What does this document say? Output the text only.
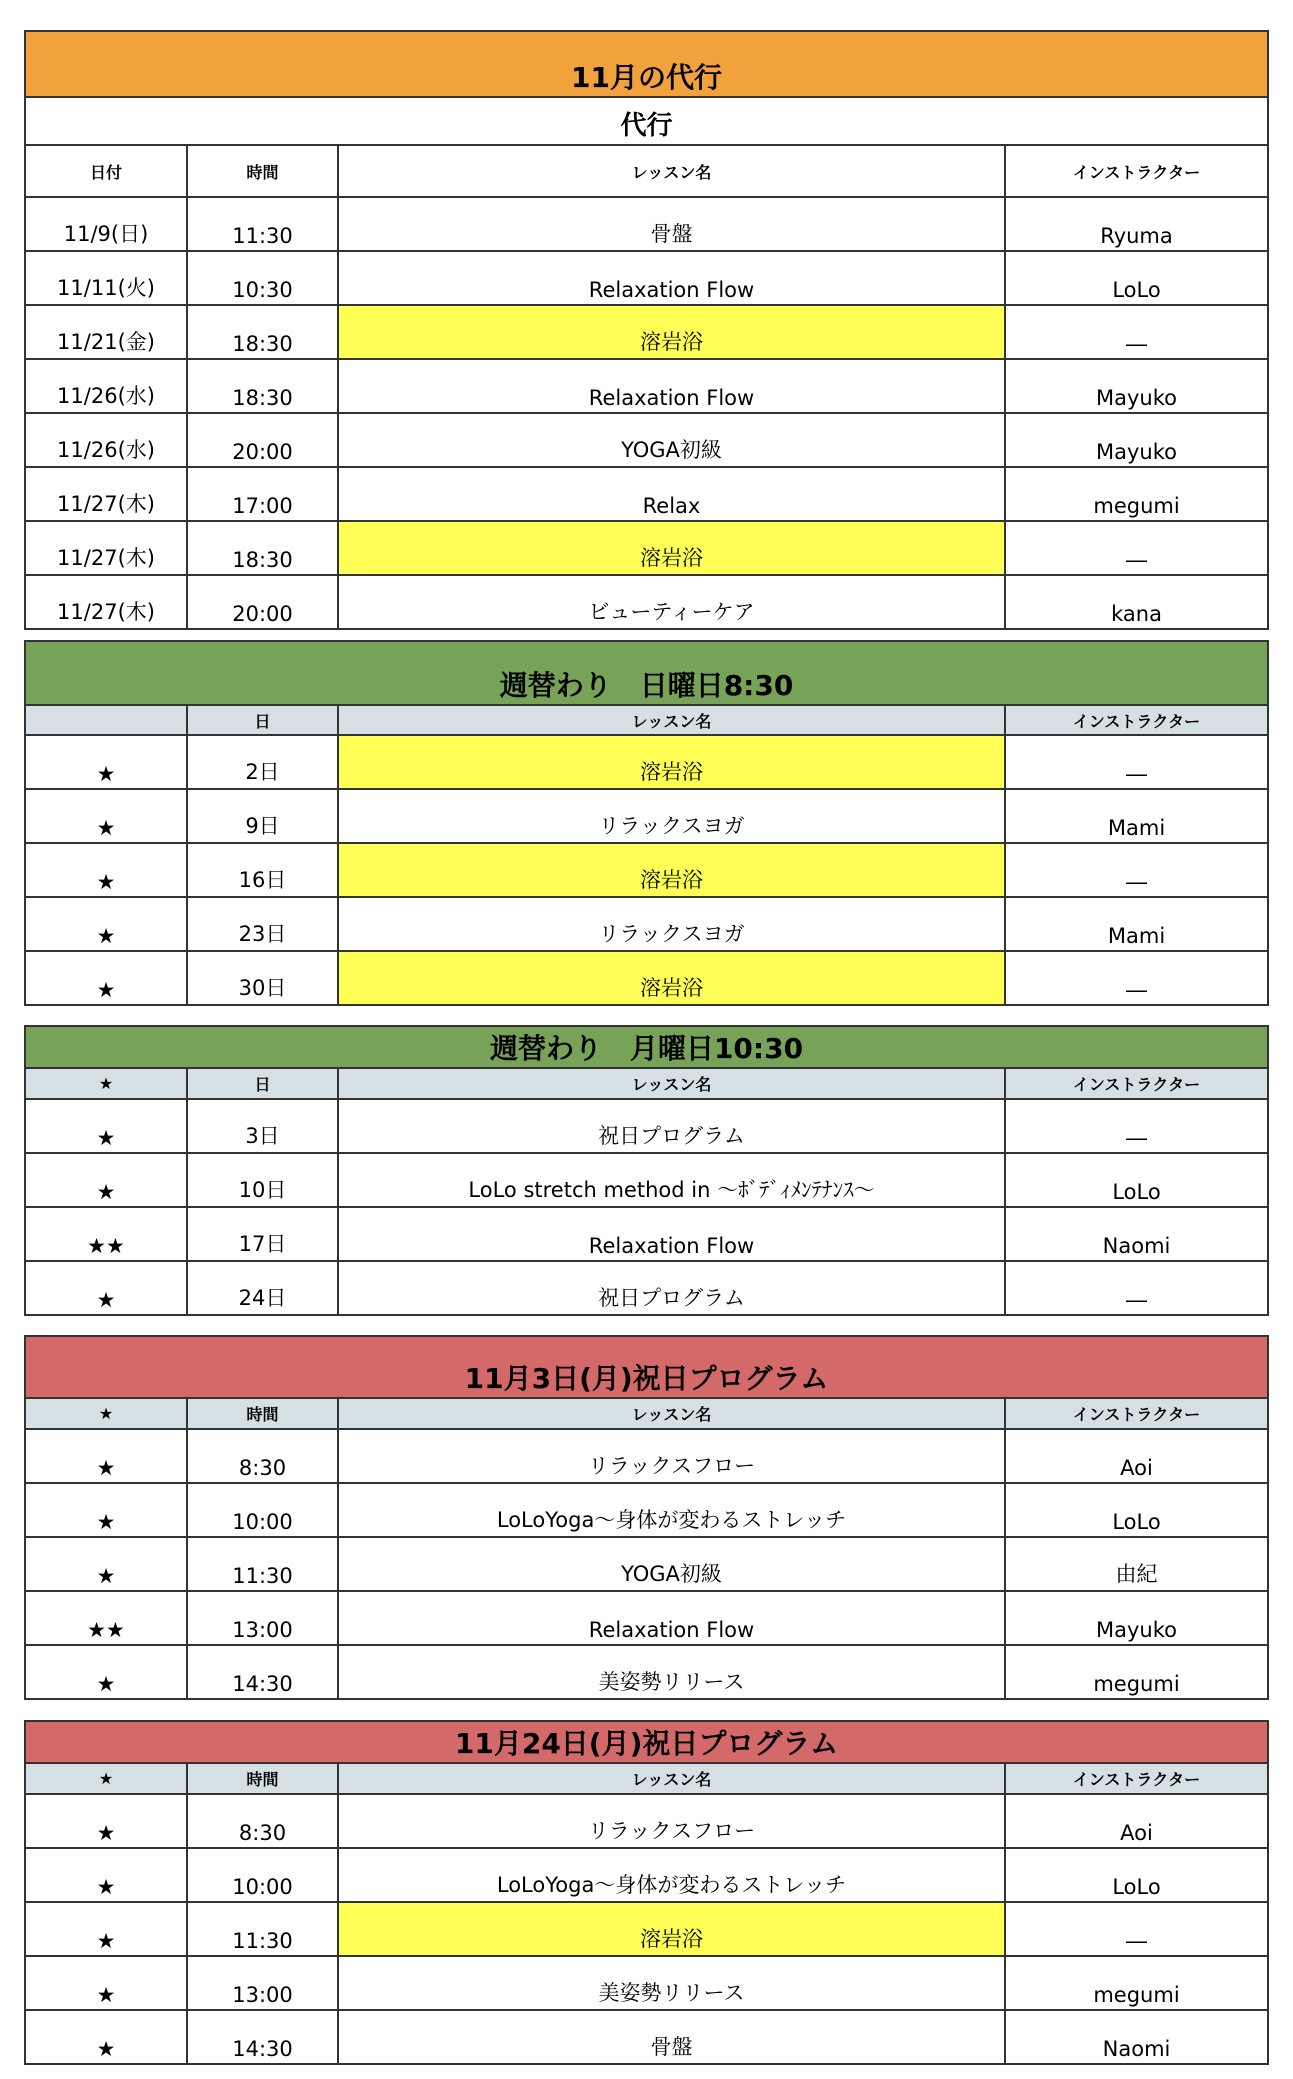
11月の代行			
代行			
日付	時間	レッスン名	インストラクター
11/9(日)	11:30	骨盤	Ryuma
11/11(火)	10:30	Relaxation Flow	LoLo
11/21(金)	18:30	溶岩浴	―
11/26(水)	18:30	Relaxation Flow	Mayuko
11/26(水)	20:00	YOGA初級	Mayuko
11/27(木)	17:00	Relax	megumi
11/27(木)	18:30	溶岩浴	―
11/27(木)	20:00	ビューティーケア	kana
週替わり　日曜日8:30			
	日	レッスン名	インストラクター
★	2日	溶岩浴	―
★	9日	リラックスヨガ	Mami
★	16日	溶岩浴	―
★	23日	リラックスヨガ	Mami
★	30日	溶岩浴	―
週替わり　月曜日10:30			
★	日	レッスン名	インストラクター
★	3日	祝日プログラム	―
★	10日	LoLo stretch method in ～ﾎﾞﾃﾞｨﾒﾝﾃﾅﾝｽ～	LoLo
★★	17日	Relaxation Flow	Naomi
★	24日	祝日プログラム	―
11月3日(月)祝日プログラム			
★	時間	レッスン名	インストラクター
★	8:30	リラックスフロー	Aoi
★	10:00	LoLoYoga～身体が変わるストレッチ	LoLo
★	11:30	YOGA初級	由紀
★★	13:00	Relaxation Flow	Mayuko
★	14:30	美姿勢リリース	megumi
11月24日(月)祝日プログラム			
★	時間	レッスン名	インストラクター
★	8:30	リラックスフロー	Aoi
★	10:00	LoLoYoga～身体が変わるストレッチ	LoLo
★	11:30	溶岩浴	―
★	13:00	美姿勢リリース	megumi
★	14:30	骨盤	Naomi
